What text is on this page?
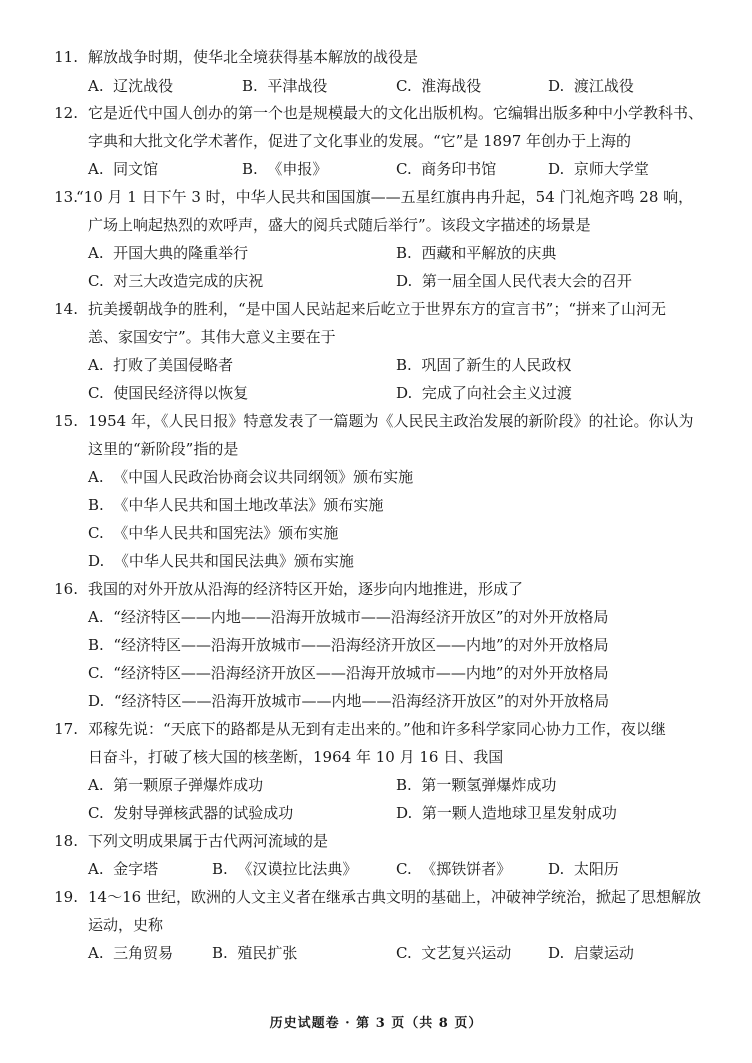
11. 解放战争时期，使华北全境获得基本解放的战役是
A. 辽沈战役	B. 平津战役	C. 淮海战役	D. 渡江战役
12. 它是近代中国人创办的第一个也是规模最大的文化出版机构。它编辑出版多种中小学教科书、
字典和大批文化学术著作，促进了文化事业的发展。“它”是 1897 年创办于上海的
A. 同文馆	B. 《申报》	C. 商务印书馆	D. 京师大学堂
13.
“10 月 1 日下午 3 时，中华人民共和国国旗——五星红旗冉冉升起，54 门礼炮齐鸣 28 响，
广场上响起热烈的欢呼声，盛大的阅兵式随后举行”。该段文字描述的场景是
A. 开国大典的隆重举行	B. 西藏和平解放的庆典
C. 对三大改造完成的庆祝	D. 第一届全国人民代表大会的召开
14. 抗美援朝战争的胜利，“是中国人民站起来后屹立于世界东方的宣言书”；“拼来了山河无
恙、家国安宁”。其伟大意义主要在于
A. 打败了美国侵略者	B. 巩固了新生的人民政权
C. 使国民经济得以恢复	D. 完成了向社会主义过渡
15. 1954 年，《人民日报》特意发表了一篇题为《人民民主政治发展的新阶段》的社论。你认为
这里的“新阶段”指的是
A. 《中国人民政治协商会议共同纲领》颁布实施
B. 《中华人民共和国土地改革法》颁布实施
C. 《中华人民共和国宪法》颁布实施
D. 《中华人民共和国民法典》颁布实施
16. 我国的对外开放从沿海的经济特区开始，逐步向内地推进，形成了
A. “经济特区——内地——沿海开放城市——沿海经济开放区”的对外开放格局
B. “经济特区——沿海开放城市——沿海经济开放区——内地”的对外开放格局
C. “经济特区——沿海经济开放区——沿海开放城市——内地”的对外开放格局
D. “经济特区——沿海开放城市——内地——沿海经济开放区”的对外开放格局
17. 邓稼先说：“天底下的路都是从无到有走出来的。”他和许多科学家同心协力工作，夜以继
日奋斗，打破了核大国的核垄断，1964 年 10 月 16 日、我国
A. 第一颗原子弹爆炸成功	B. 第一颗氢弹爆炸成功
C. 发射导弹核武器的试验成功	D. 第一颗人造地球卫星发射成功
18. 下列文明成果属于古代两河流域的是
A. 金字塔	B. 《汉谟拉比法典》	C. 《掷铁饼者》 D. 太阳历
19. 14～16 世纪，欧洲的人文主义者在继承古典文明的基础上，冲破神学统治，掀起了思想解放
运动，史称
A. 三角贸易	B. 殖民扩张	C. 文艺复兴运动 D. 启蒙运动
历史试题卷 · 第 3 页（共 8 页）
